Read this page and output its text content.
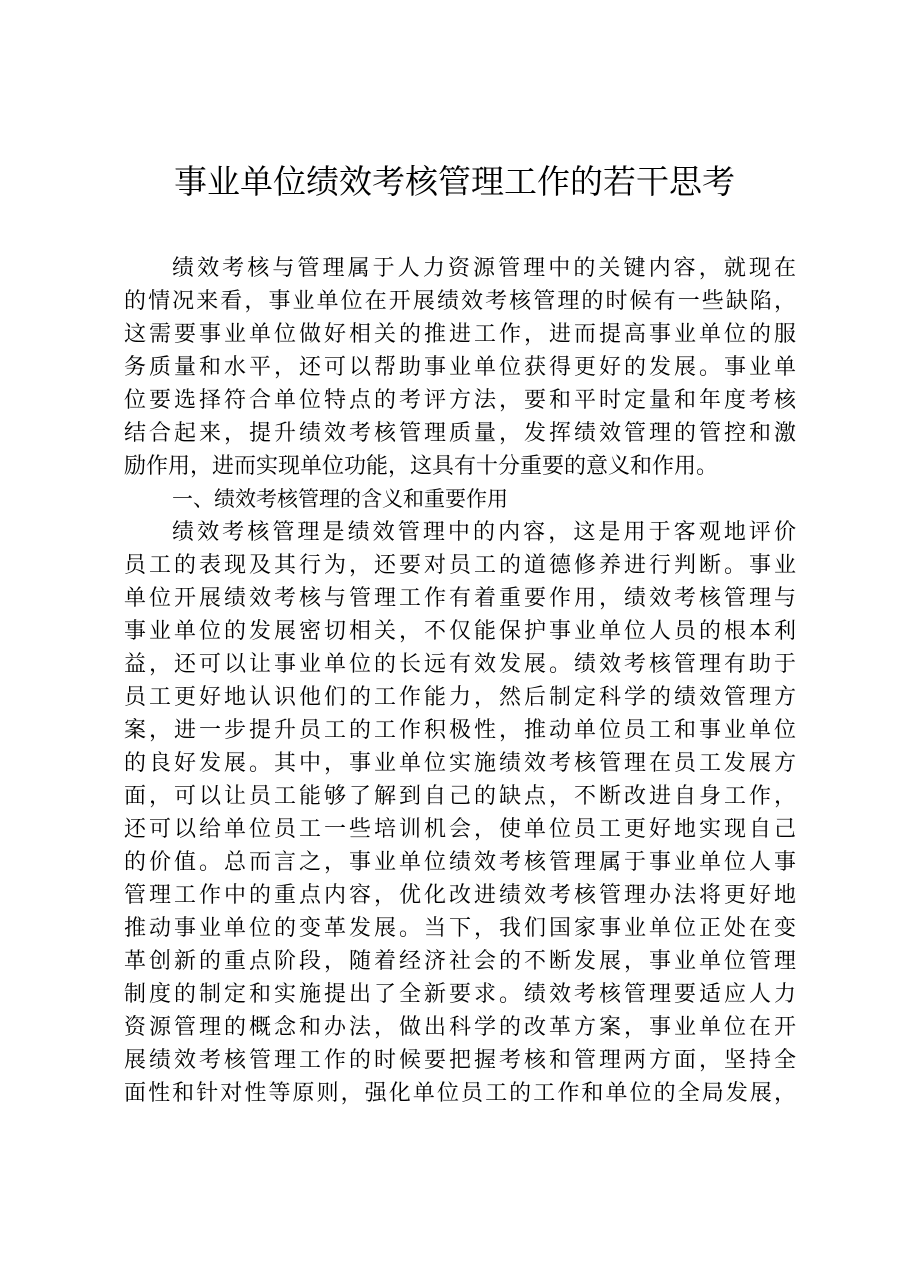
事业单位绩效考核管理工作的若干思考
绩效考核与管理属于人力资源管理中的关键内容，就现在
的情况来看，事业单位在开展绩效考核管理的时候有一些缺陷，
这需要事业单位做好相关的推进工作，进而提高事业单位的服
务质量和水平，还可以帮助事业单位获得更好的发展。事业单
位要选择符合单位特点的考评方法，要和平时定量和年度考核
结合起来，提升绩效考核管理质量，发挥绩效管理的管控和激
励作用，进而实现单位功能，这具有十分重要的意义和作用。
一、绩效考核管理的含义和重要作用
绩效考核管理是绩效管理中的内容，这是用于客观地评价
员工的表现及其行为，还要对员工的道德修养进行判断。事业
单位开展绩效考核与管理工作有着重要作用，绩效考核管理与
事业单位的发展密切相关，不仅能保护事业单位人员的根本利
益，还可以让事业单位的长远有效发展。绩效考核管理有助于
员工更好地认识他们的工作能力，然后制定科学的绩效管理方
案，进一步提升员工的工作积极性，推动单位员工和事业单位
的良好发展。其中，事业单位实施绩效考核管理在员工发展方
面，可以让员工能够了解到自己的缺点，不断改进自身工作，
还可以给单位员工一些培训机会，使单位员工更好地实现自己
的价值。总而言之，事业单位绩效考核管理属于事业单位人事
管理工作中的重点内容，优化改进绩效考核管理办法将更好地
推动事业单位的变革发展。当下，我们国家事业单位正处在变
革创新的重点阶段，随着经济社会的不断发展，事业单位管理
制度的制定和实施提出了全新要求。绩效考核管理要适应人力
资源管理的概念和办法，做出科学的改革方案，事业单位在开
展绩效考核管理工作的时候要把握考核和管理两方面，坚持全
面性和针对性等原则，强化单位员工的工作和单位的全局发展，
